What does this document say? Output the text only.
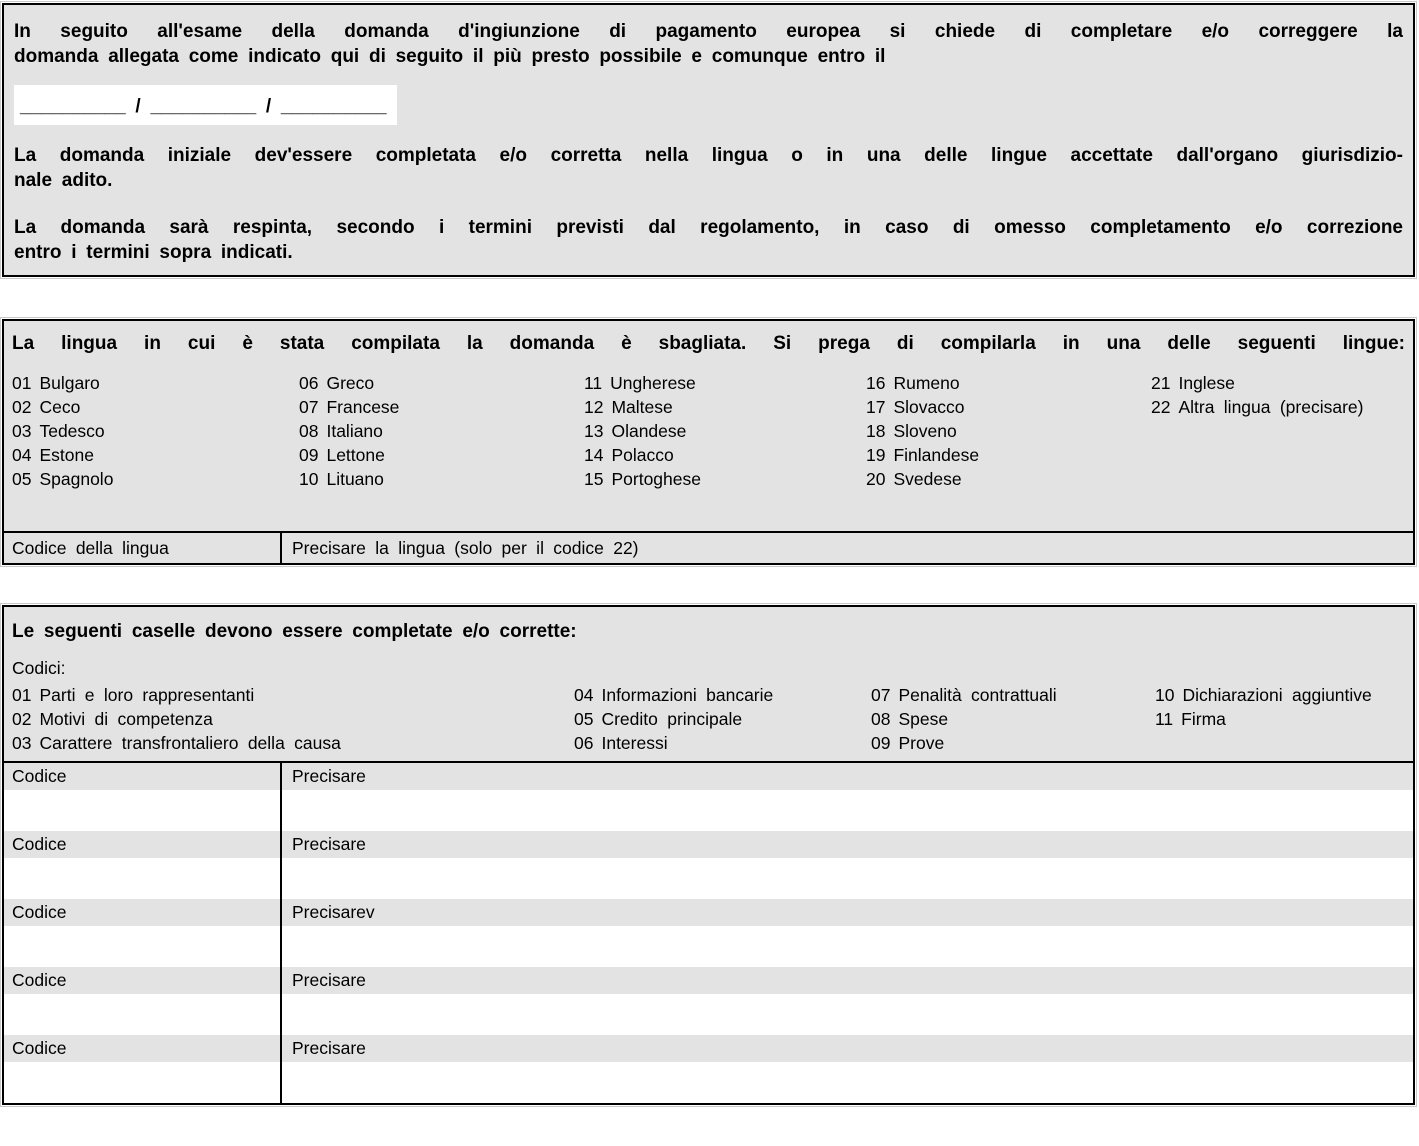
In seguito all'esame della domanda d'ingiunzione di pagamento europea si chiede di completare e/o correggere la
domanda allegata come indicato qui di seguito il più presto possibile e comunque entro il
__________ / __________ / __________
La domanda iniziale dev'essere completata e/o corretta nella lingua o in una delle lingue accettate dall'organo giurisdizio-
nale adito.
La domanda sarà respinta, secondo i termini previsti dal regolamento, in caso di omesso completamento e/o correzione
entro i termini sopra indicati.
La lingua in cui è stata compilata la domanda è sbagliata. Si prega di compilarla in una delle seguenti lingue:
01 Bulgaro
02 Ceco
03 Tedesco
04 Estone
05 Spagnolo
06 Greco
07 Francese
08 Italiano
09 Lettone
10 Lituano
11 Ungherese
12 Maltese
13 Olandese
14 Polacco
15 Portoghese
16 Rumeno
17 Slovacco
18 Sloveno
19 Finlandese
20 Svedese
21 Inglese
22 Altra lingua (precisare)
Codice della lingua	Precisare la lingua (solo per il codice 22)
Le seguenti caselle devono essere completate e/o corrette:
Codici:
01 Parti e loro rappresentanti
02 Motivi di competenza
03 Carattere transfrontaliero della causa
04 Informazioni bancarie
05 Credito principale
06 Interessi
07 Penalità contrattuali
08 Spese
09 Prove
10 Dichiarazioni aggiuntive
11 Firma
Codice	Precisare
Codice	Precisare
Codice	Precisarev
Codice	Precisare
Codice	Precisare
